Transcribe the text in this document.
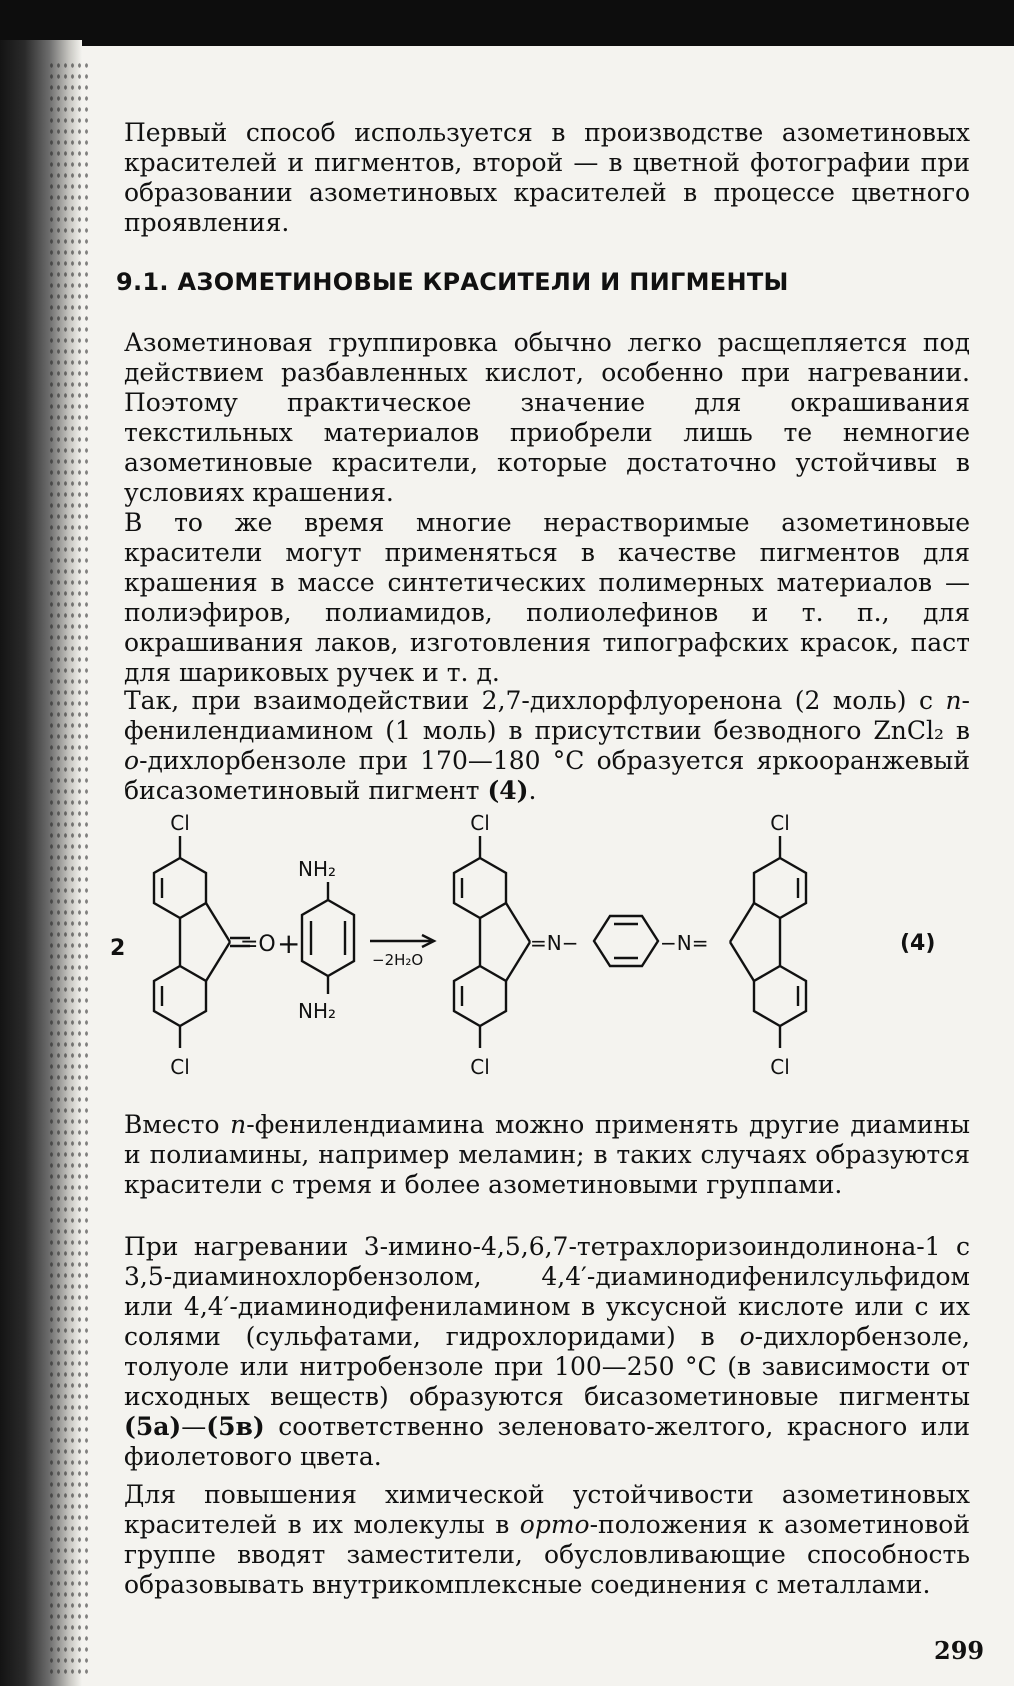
Первый способ используется в производстве азометиновых красителей и пигментов, второй — в цветной фотографии при образовании азометиновых красителей в процессе цветного проявления.

9.1. АЗОМЕТИНОВЫЕ КРАСИТЕЛИ И ПИГМЕНТЫ

Азометиновая группировка обычно легко расщепляется под действием разбавленных кислот, особенно при нагревании. Поэтому практическое значение для окрашивания текстильных материалов приобрели лишь те немногие азометиновые красители, которые достаточно устойчивы в условиях крашения.

В то же время многие нерастворимые азометиновые красители могут применяться в качестве пигментов для крашения в массе синтетических полимерных материалов — полиэфиров, полиамидов, полиолефинов и т. п., для окрашивания лаков, изготовления типографских красок, паст для шариковых ручек и т. д.

Так, при взаимодействии 2,7-дихлорфлуоренона (2 моль) с п-фенилендиамином (1 моль) в присутствии безводного ZnCl₂ в о-дихлорбензоле при 170—180 °C образуется яркооранжевый бисазометиновый пигмент (4).

Cl
Cl
2	=O +
NH₂
NH₂
−2H₂O
Cl
Cl
=N−	−N=
Cl
Cl
(4)

Вместо п-фенилендиамина можно применять другие диамины и полиамины, например меламин; в таких случаях образуются красители с тремя и более азометиновыми группами.

При нагревании 3-имино-4,5,6,7-тетрахлоризоиндолинона-1 с 3,5-диаминохлорбензолом, 4,4′-диаминодифенилсульфидом или 4,4′-диаминодифениламином в уксусной кислоте или с их солями (сульфатами, гидрохлоридами) в о-дихлорбензоле, толуоле или нитробензоле при 100—250 °C (в зависимости от исходных веществ) образуются бисазометиновые пигменты (5а)—(5в) соответственно зеленовато-желтого, красного или фиолетового цвета.

Для повышения химической устойчивости азометиновых красителей в их молекулы в орто-положения к азометиновой группе вводят заместители, обусловливающие способность образовывать внутрикомплексные соединения с металлами.

299
